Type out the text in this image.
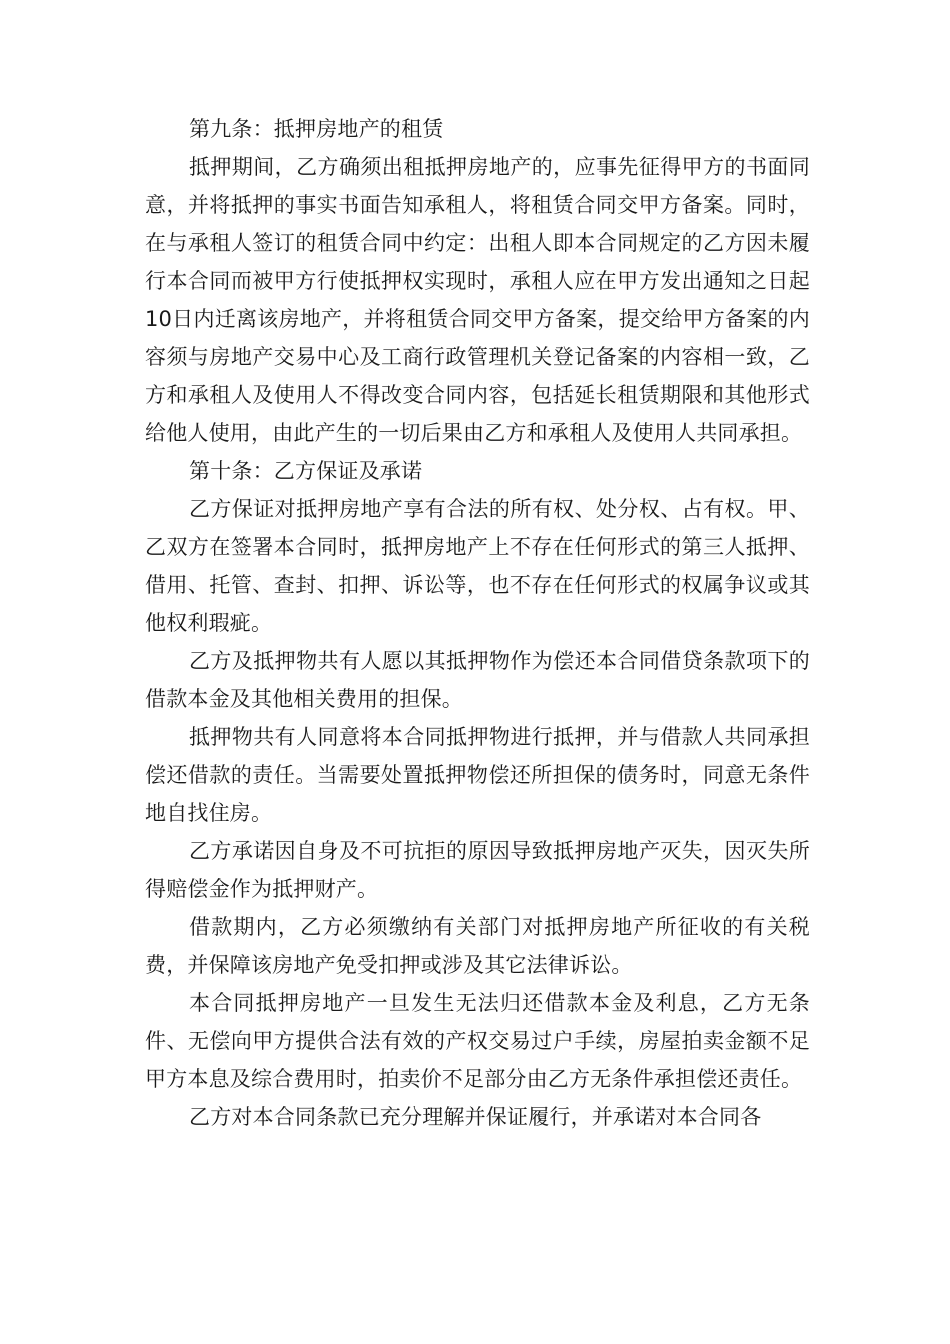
第九条：抵押房地产的租赁

抵押期间，乙方确须出租抵押房地产的，应事先征得甲方的书面同意，并将抵押的事实书面告知承租人，将租赁合同交甲方备案。同时，在与承租人签订的租赁合同中约定：出租人即本合同规定的乙方因未履行本合同而被甲方行使抵押权实现时，承租人应在甲方发出通知之日起10日内迁离该房地产，并将租赁合同交甲方备案，提交给甲方备案的内容须与房地产交易中心及工商行政管理机关登记备案的内容相一致，乙方和承租人及使用人不得改变合同内容，包括延长租赁期限和其他形式给他人使用，由此产生的一切后果由乙方和承租人及使用人共同承担。

第十条：乙方保证及承诺

乙方保证对抵押房地产享有合法的所有权、处分权、占有权。甲、乙双方在签署本合同时，抵押房地产上不存在任何形式的第三人抵押、借用、托管、查封、扣押、诉讼等，也不存在任何形式的权属争议或其他权利瑕疵。

乙方及抵押物共有人愿以其抵押物作为偿还本合同借贷条款项下的借款本金及其他相关费用的担保。

抵押物共有人同意将本合同抵押物进行抵押，并与借款人共同承担偿还借款的责任。当需要处置抵押物偿还所担保的债务时，同意无条件地自找住房。

乙方承诺因自身及不可抗拒的原因导致抵押房地产灭失，因灭失所得赔偿金作为抵押财产。

借款期内，乙方必须缴纳有关部门对抵押房地产所征收的有关税费，并保障该房地产免受扣押或涉及其它法律诉讼。

本合同抵押房地产一旦发生无法归还借款本金及利息，乙方无条件、无偿向甲方提供合法有效的产权交易过户手续，房屋拍卖金额不足甲方本息及综合费用时，拍卖价不足部分由乙方无条件承担偿还责任。

乙方对本合同条款已充分理解并保证履行，并承诺对本合同各
